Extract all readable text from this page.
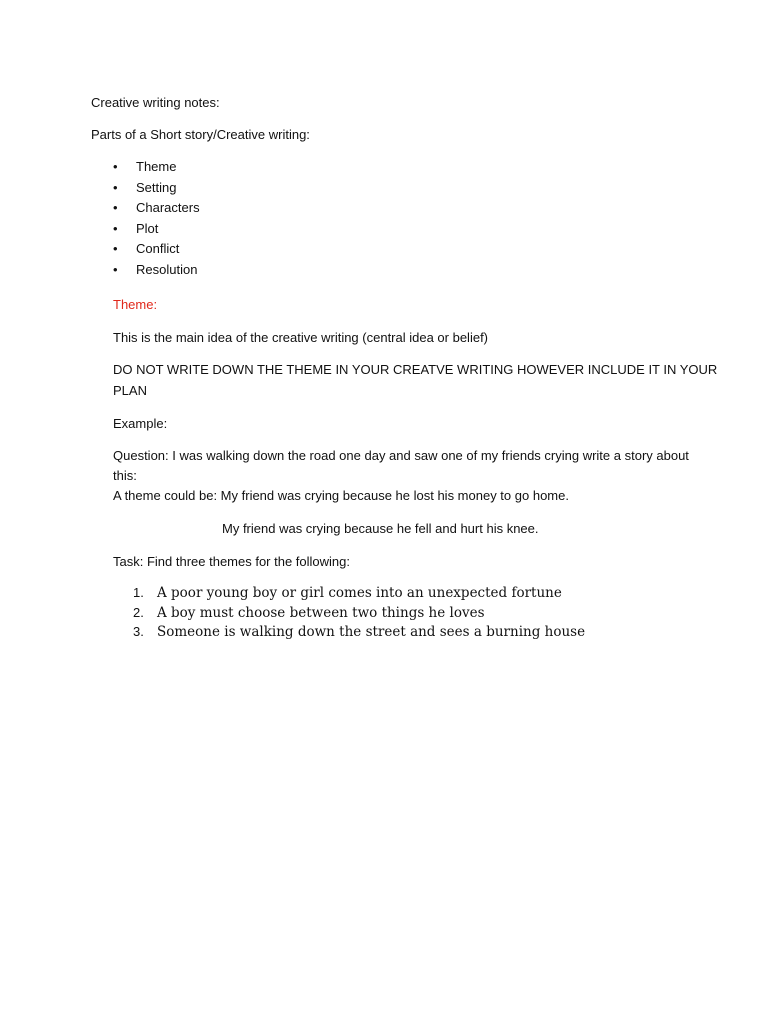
Creative writing notes:
Parts of a Short story/Creative writing:
• Theme
• Setting
• Characters
• Plot
• Conflict
• Resolution
Theme:
This is the main idea of the creative writing (central idea or belief)
DO NOT WRITE DOWN THE THEME IN YOUR CREATVE WRITING HOWEVER INCLUDE IT IN YOUR
PLAN
Example:
Question: I was walking down the road one day and saw one of my friends crying write a story about
this:
A theme could be: My friend was crying because he lost his money to go home.
My friend was crying because he fell and hurt his knee.
Task: Find three themes for the following:
1. A poor young boy or girl comes into an unexpected fortune
2. A boy must choose between two things he loves
3. Someone is walking down the street and sees a burning house
